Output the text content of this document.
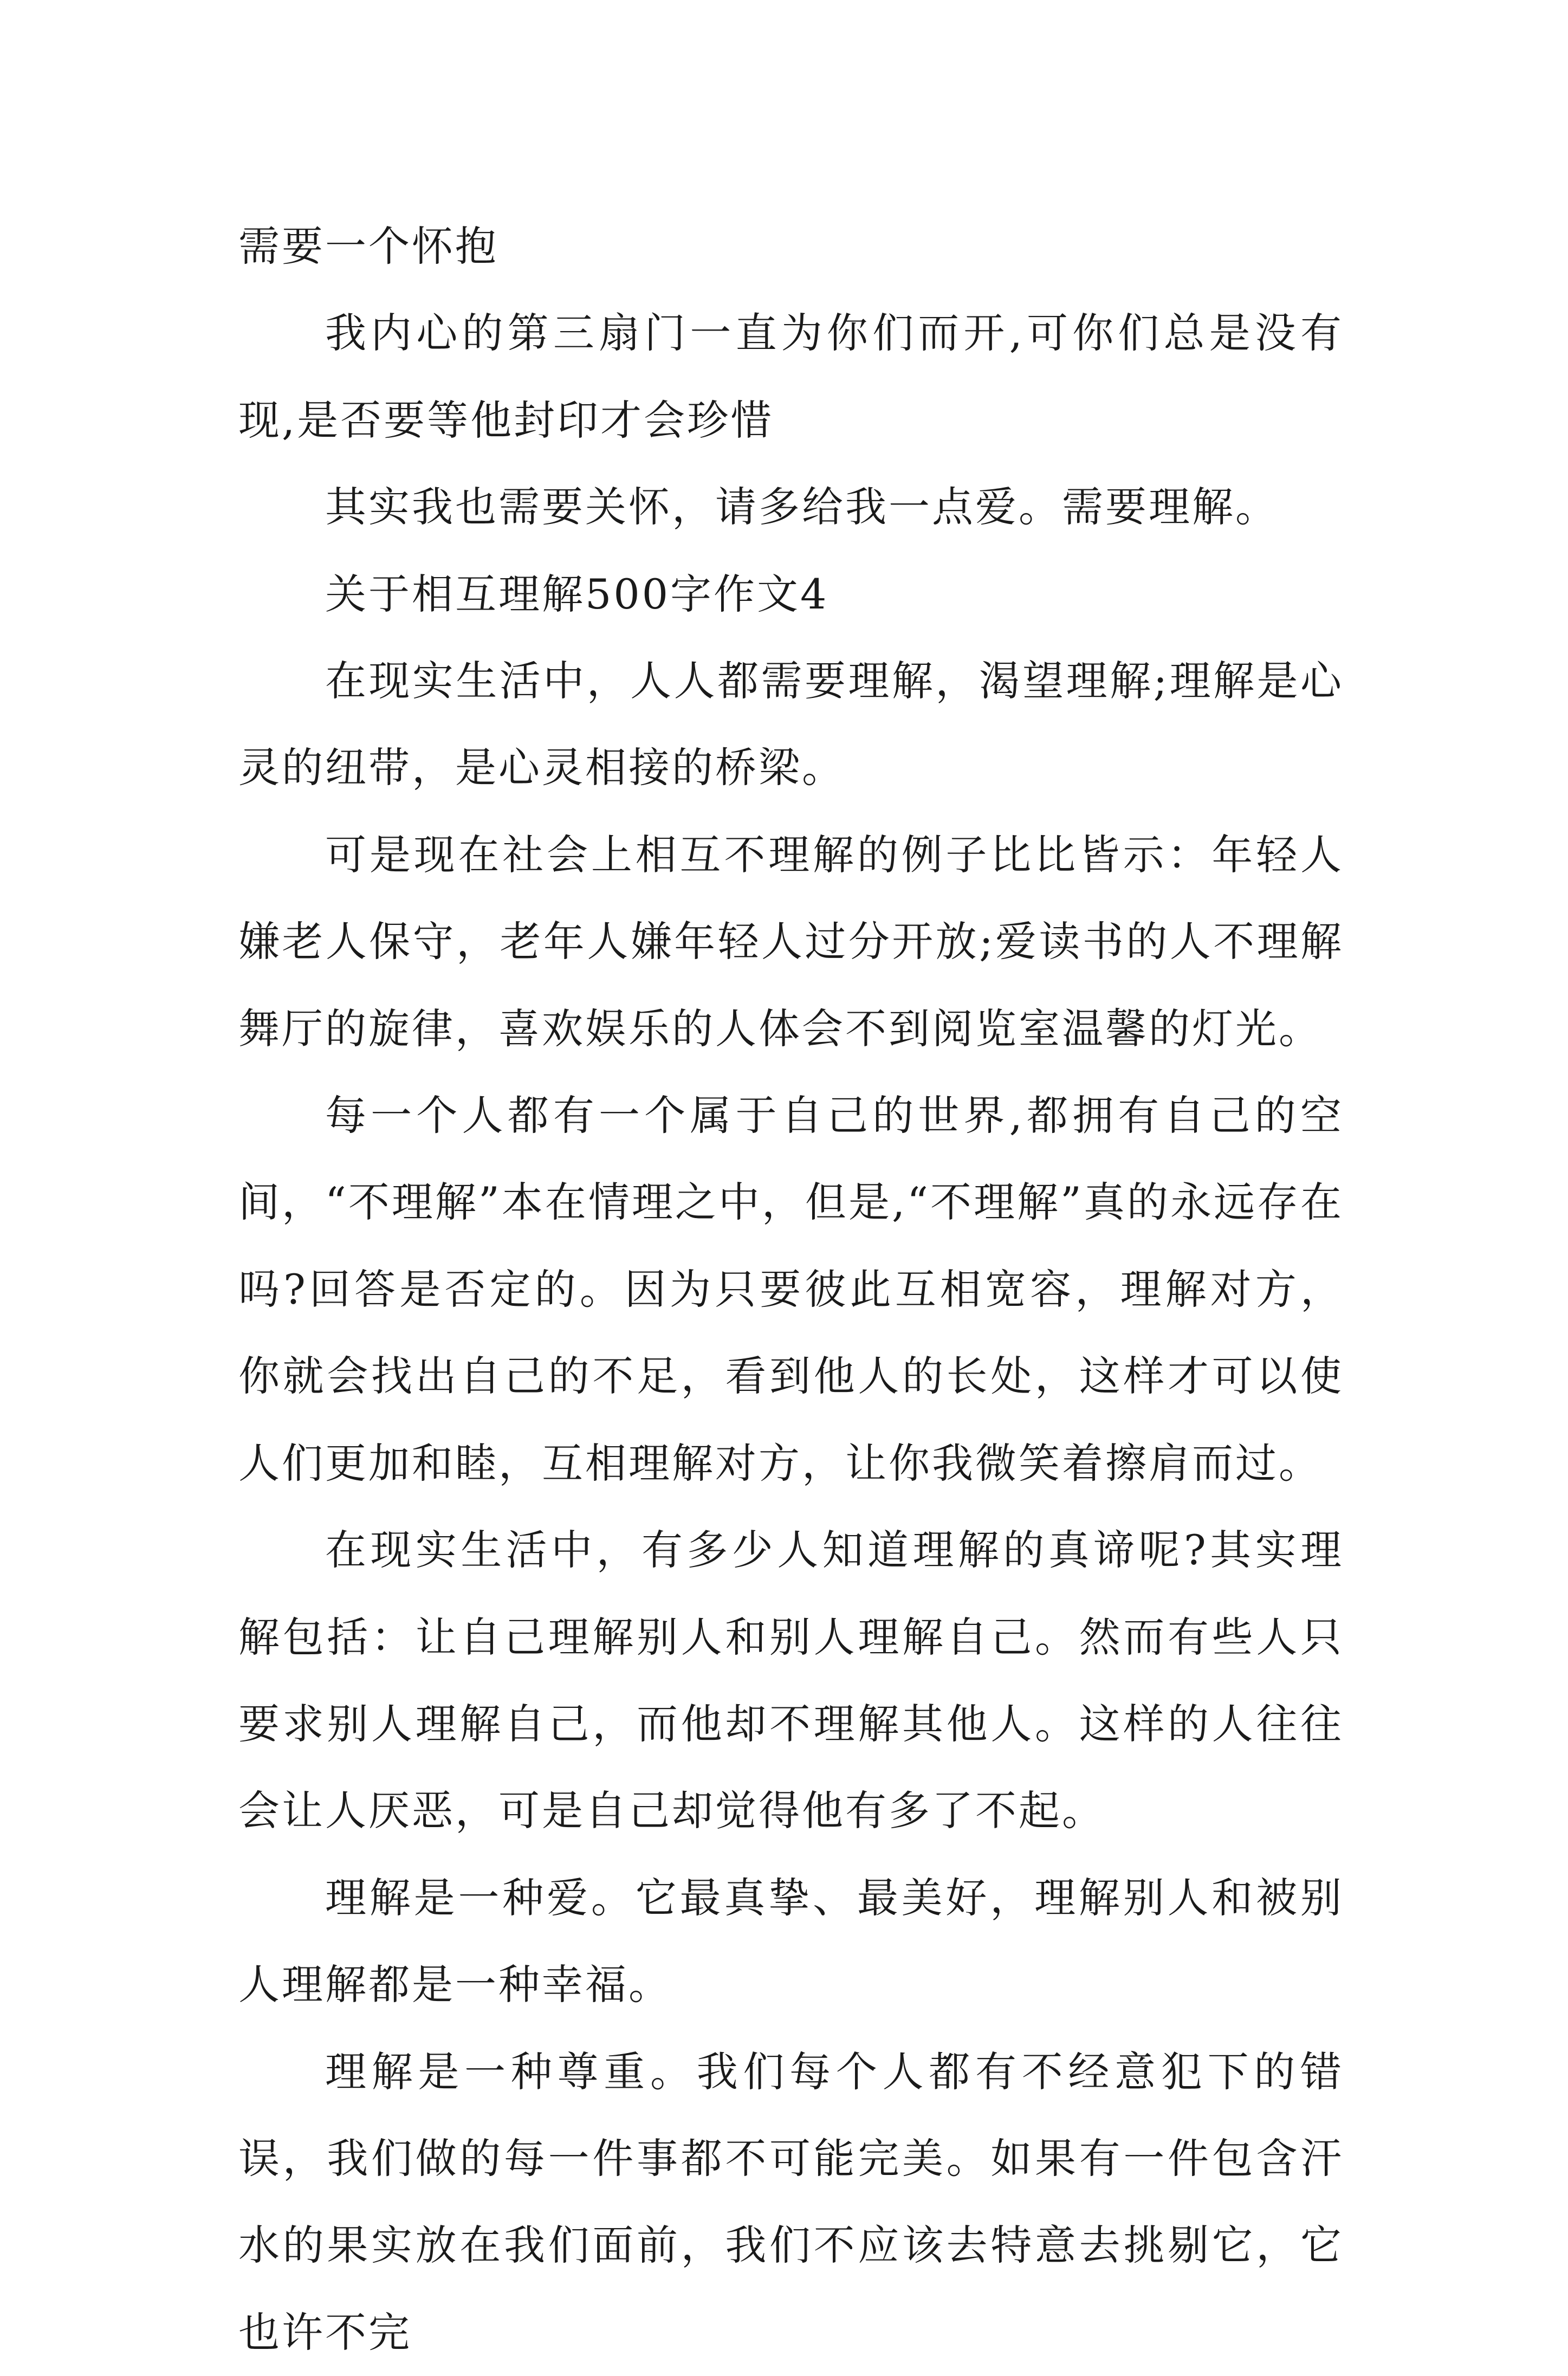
需要一个怀抱

我内心的第三扇门一直为你们而开,可你们总是没有现,是否要等他封印才会珍惜

其实我也需要关怀，请多给我一点爱。需要理解。

关于相互理解500字作文4

在现实生活中，人人都需要理解，渴望理解;理解是心灵的纽带，是心灵相接的桥梁。

可是现在社会上相互不理解的例子比比皆示：年轻人嫌老人保守，老年人嫌年轻人过分开放;爱读书的人不理解舞厅的旋律，喜欢娱乐的人体会不到阅览室温馨的灯光。

每一个人都有一个属于自己的世界,都拥有自己的空间，“不理解”本在情理之中，但是,“不理解”真的永远存在吗?回答是否定的。因为只要彼此互相宽容，理解对方，你就会找出自己的不足，看到他人的长处，这样才可以使人们更加和睦，互相理解对方，让你我微笑着擦肩而过。

在现实生活中，有多少人知道理解的真谛呢?其实理解包括：让自己理解别人和别人理解自己。然而有些人只要求别人理解自己，而他却不理解其他人。这样的人往往会让人厌恶，可是自己却觉得他有多了不起。

理解是一种爱。它最真挚、最美好，理解别人和被别人理解都是一种幸福。

理解是一种尊重。我们每个人都有不经意犯下的错误，我们做的每一件事都不可能完美。如果有一件包含汗水的果实放在我们面前，我们不应该去特意去挑剔它，它也许不完
